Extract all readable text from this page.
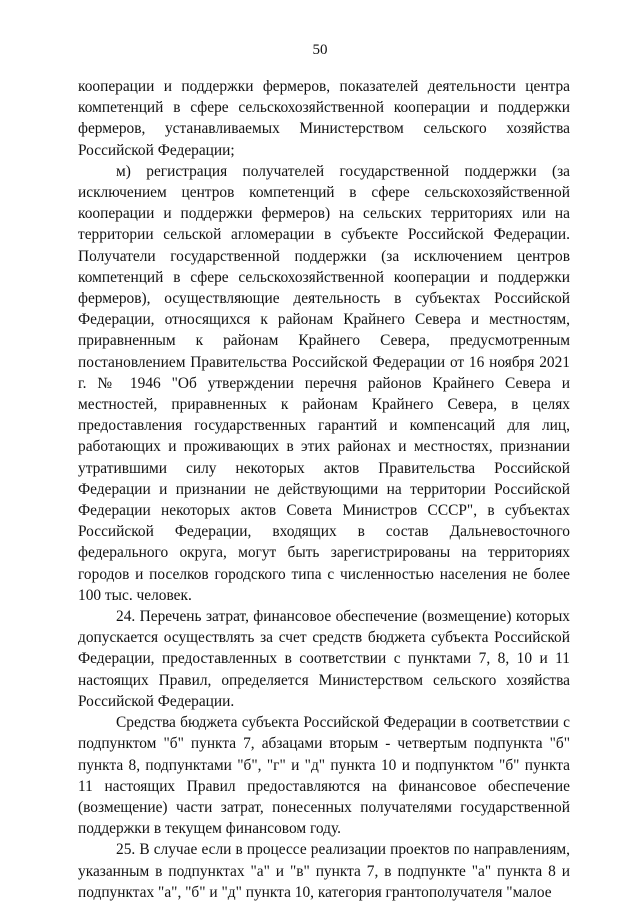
50

кооперации и поддержки фермеров, показателей деятельности центра компетенций в сфере сельскохозяйственной кооперации и поддержки фермеров, устанавливаемых Министерством сельского хозяйства Российской Федерации;

м) регистрация получателей государственной поддержки (за исключением центров компетенций в сфере сельскохозяйственной кооперации и поддержки фермеров) на сельских территориях или на территории сельской агломерации в субъекте Российской Федерации. Получатели государственной поддержки (за исключением центров компетенций в сфере сельскохозяйственной кооперации и поддержки фермеров), осуществляющие деятельность в субъектах Российской Федерации, относящихся к районам Крайнего Севера и местностям, приравненным к районам Крайнего Севера, предусмотренным постановлением Правительства Российской Федерации от 16 ноября 2021 г. № 1946 "Об утверждении перечня районов Крайнего Севера и местностей, приравненных к районам Крайнего Севера, в целях предоставления государственных гарантий и компенсаций для лиц, работающих и проживающих в этих районах и местностях, признании утратившими силу некоторых актов Правительства Российской Федерации и признании не действующими на территории Российской Федерации некоторых актов Совета Министров СССР", в субъектах Российской Федерации, входящих в состав Дальневосточного федерального округа, могут быть зарегистрированы на территориях городов и поселков городского типа с численностью населения не более 100 тыс. человек.

24. Перечень затрат, финансовое обеспечение (возмещение) которых допускается осуществлять за счет средств бюджета субъекта Российской Федерации, предоставленных в соответствии с пунктами 7, 8, 10 и 11 настоящих Правил, определяется Министерством сельского хозяйства Российской Федерации.

Средства бюджета субъекта Российской Федерации в соответствии с подпунктом "б" пункта 7, абзацами вторым - четвертым подпункта "б" пункта 8, подпунктами "б", "г" и "д" пункта 10 и подпунктом "б" пункта 11 настоящих Правил предоставляются на финансовое обеспечение (возмещение) части затрат, понесенных получателями государственной поддержки в текущем финансовом году.

25. В случае если в процессе реализации проектов по направлениям, указанным в подпунктах "а" и "в" пункта 7, в подпункте "а" пункта 8 и подпунктах "а", "б" и "д" пункта 10, категория грантополучателя "малое
